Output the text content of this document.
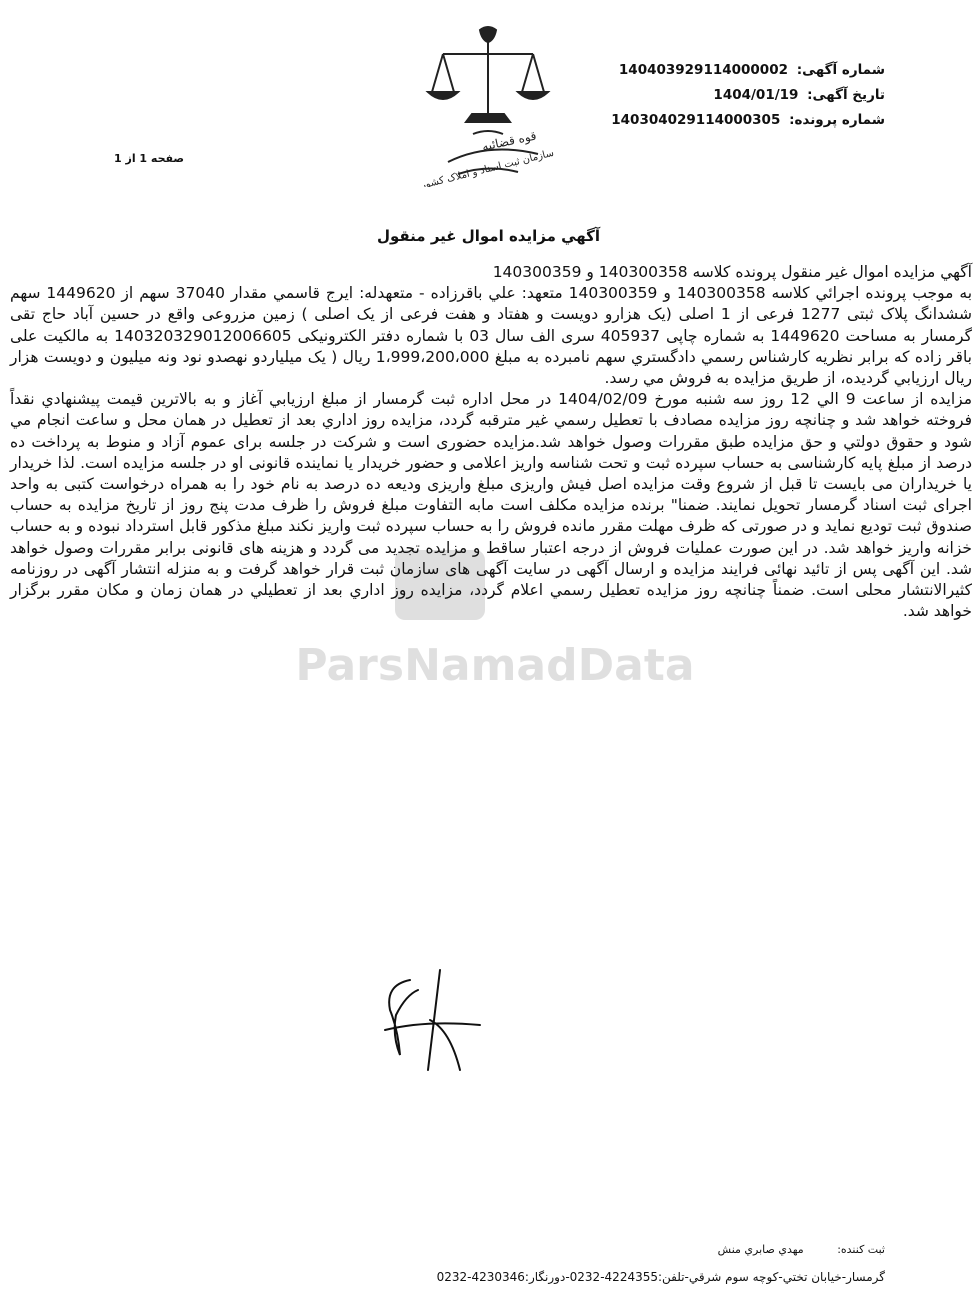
شماره آگهی: 140403929114000002
تاریخ آگهی: 1404/01/19
شماره پرونده: 140304029114000305
قوه قضائیه
سازمان ثبت اسناد و املاک کشور
صفحه 1 از 1
آگهي مزايده اموال غير منقول
ParsNamadData

آگهي مزايده اموال غير منقول پرونده كلاسه 140300358 و 140300359

به موجب پرونده اجرائي كلاسه 140300358 و 140300359 متعهد: علي باقرزاده - متعهدله: ايرج قاسمي مقدار 37040 سهم از 1449620 سهم ششدانگ پلاک ثبتی 1277 فرعی از 1 اصلی (یک هزارو دویست و هفتاد و هفت فرعی از یک اصلی ) زمین مزروعی واقع در حسین آباد حاج تقی گرمسار به مساحت 1449620 به شماره چاپی 405937 سری الف سال 03 با شماره دفتر الکترونیکی 140320329012006605 به مالکیت علی باقر زاده که برابر نظریه کارشناس رسمي دادگستري سهم نامبرده به مبلغ 1،999،200،000 ريال ( یک میلیاردو نهصدو نود ونه میلیون و دویست هزار ریال ارزيابي گرديده، از طريق مزايده به فروش مي رسد.

مزايده از ساعت 9 الي 12 روز سه شنبه مورخ 1404/02/09 در محل اداره ثبت گرمسار از مبلغ ارزيابي آغاز و به بالاترين قيمت پيشنهادي نقداً فروخته خواهد شد و چنانچه روز مزايده مصادف با تعطيل رسمي غير مترقبه گردد، مزايده روز اداري بعد از تعطيل در همان محل و ساعت انجام مي شود و حقوق دولتي و حق مزايده طبق مقررات وصول خواهد شد.مزایده حضوری است و شرکت در جلسه برای عموم آزاد و منوط به پرداخت ده درصد از مبلغ پایه کارشناسی به حساب سپرده ثبت و تحت شناسه واریز اعلامی و حضور خریدار یا نماینده قانونی او در جلسه مزایده است. لذا خریدار یا خریداران می بایست تا قبل از شروع وقت مزایده اصل فیش واریزی مبلغ واریزی ودیعه ده درصد به نام خود را به همراه درخواست کتبی به واحد اجرای ثبت اسناد گرمسار تحویل نمایند. ضمنا" برنده مزایده مکلف است مابه التفاوت مبلغ فروش را ظرف مدت پنج روز از تاریخ مزایده به حساب صندوق ثبت تودیع نماید و در صورتی که ظرف مهلت مقرر مانده فروش را به حساب سپرده ثبت واریز نکند مبلغ مذکور قابل استرداد نبوده و به حساب خزانه واریز خواهد شد. در این صورت عملیات فروش از درجه اعتبار ساقط و مزایده تجدید می گردد و هزینه های قانونی برابر مقررات وصول خواهد شد. این آگهی پس از تائید نهائی فرایند مزایده و ارسال آگهی در سایت آگهی های سازمان ثبت قرار خواهد گرفت و به منزله انتشار آگهی در روزنامه کثیرالانتشار محلی است. ضمناً چنانچه روز مزايده تعطيل رسمي اعلام گردد، مزايده روز اداري بعد از تعطيلي در همان زمان و مكان مقرر برگزار خواهد شد.

ثبت کننده: مهدي صابري منش
گرمسار-خيابان تختي-كوچه سوم شرقي-تلفن:4224355-0232-دورنگار:4230346-0232
